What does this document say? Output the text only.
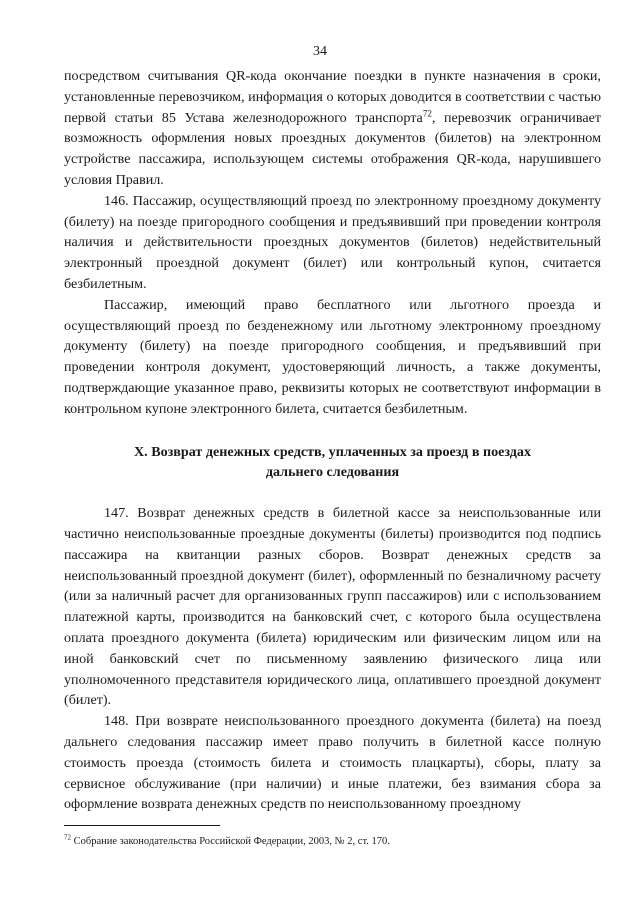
34

посредством считывания QR-кода окончание поездки в пункте назначения в сроки, установленные перевозчиком, информация о которых доводится в соответствии с частью первой статьи 85 Устава железнодорожного транспорта$^{72}$, перевозчик ограничивает возможность оформления новых проездных документов (билетов) на электронном устройстве пассажира, использующем системы отображения QR-кода, нарушившего условия Правил.

146. Пассажир, осуществляющий проезд по электронному проездному документу (билету) на поезде пригородного сообщения и предъявивший при проведении контроля наличия и действительности проездных документов (билетов) недействительный электронный проездной документ (билет) или контрольный купон, считается безбилетным.

Пассажир, имеющий право бесплатного или льготного проезда и осуществляющий проезд по безденежному или льготному электронному проездному документу (билету) на поезде пригородного сообщения, и предъявивший при проведении контроля документ, удостоверяющий личность, а также документы, подтверждающие указанное право, реквизиты которых не соответствуют информации в контрольном купоне электронного билета, считается безбилетным.

X. Возврат денежных средств, уплаченных за проезд в поездах
дальнего следования

147. Возврат денежных средств в билетной кассе за неиспользованные или частично неиспользованные проездные документы (билеты) производится под подпись пассажира на квитанции разных сборов. Возврат денежных средств за неиспользованный проездной документ (билет), оформленный по безналичному расчету (или за наличный расчет для организованных групп пассажиров) или с использованием платежной карты, производится на банковский счет, с которого была осуществлена оплата проездного документа (билета) юридическим или физическим лицом или на иной банковский счет по письменному заявлению физического лица или уполномоченного представителя юридического лица, оплатившего проездной документ (билет).

148. При возврате неиспользованного проездного документа (билета) на поезд дальнего следования пассажир имеет право получить в билетной кассе полную стоимость проезда (стоимость билета и стоимость плацкарты), сборы, плату за сервисное обслуживание (при наличии) и иные платежи, без взимания сбора за оформление возврата денежных средств по неиспользованному проездному

$^{72}$ Собрание законодательства Российской Федерации, 2003, № 2, ст. 170.
